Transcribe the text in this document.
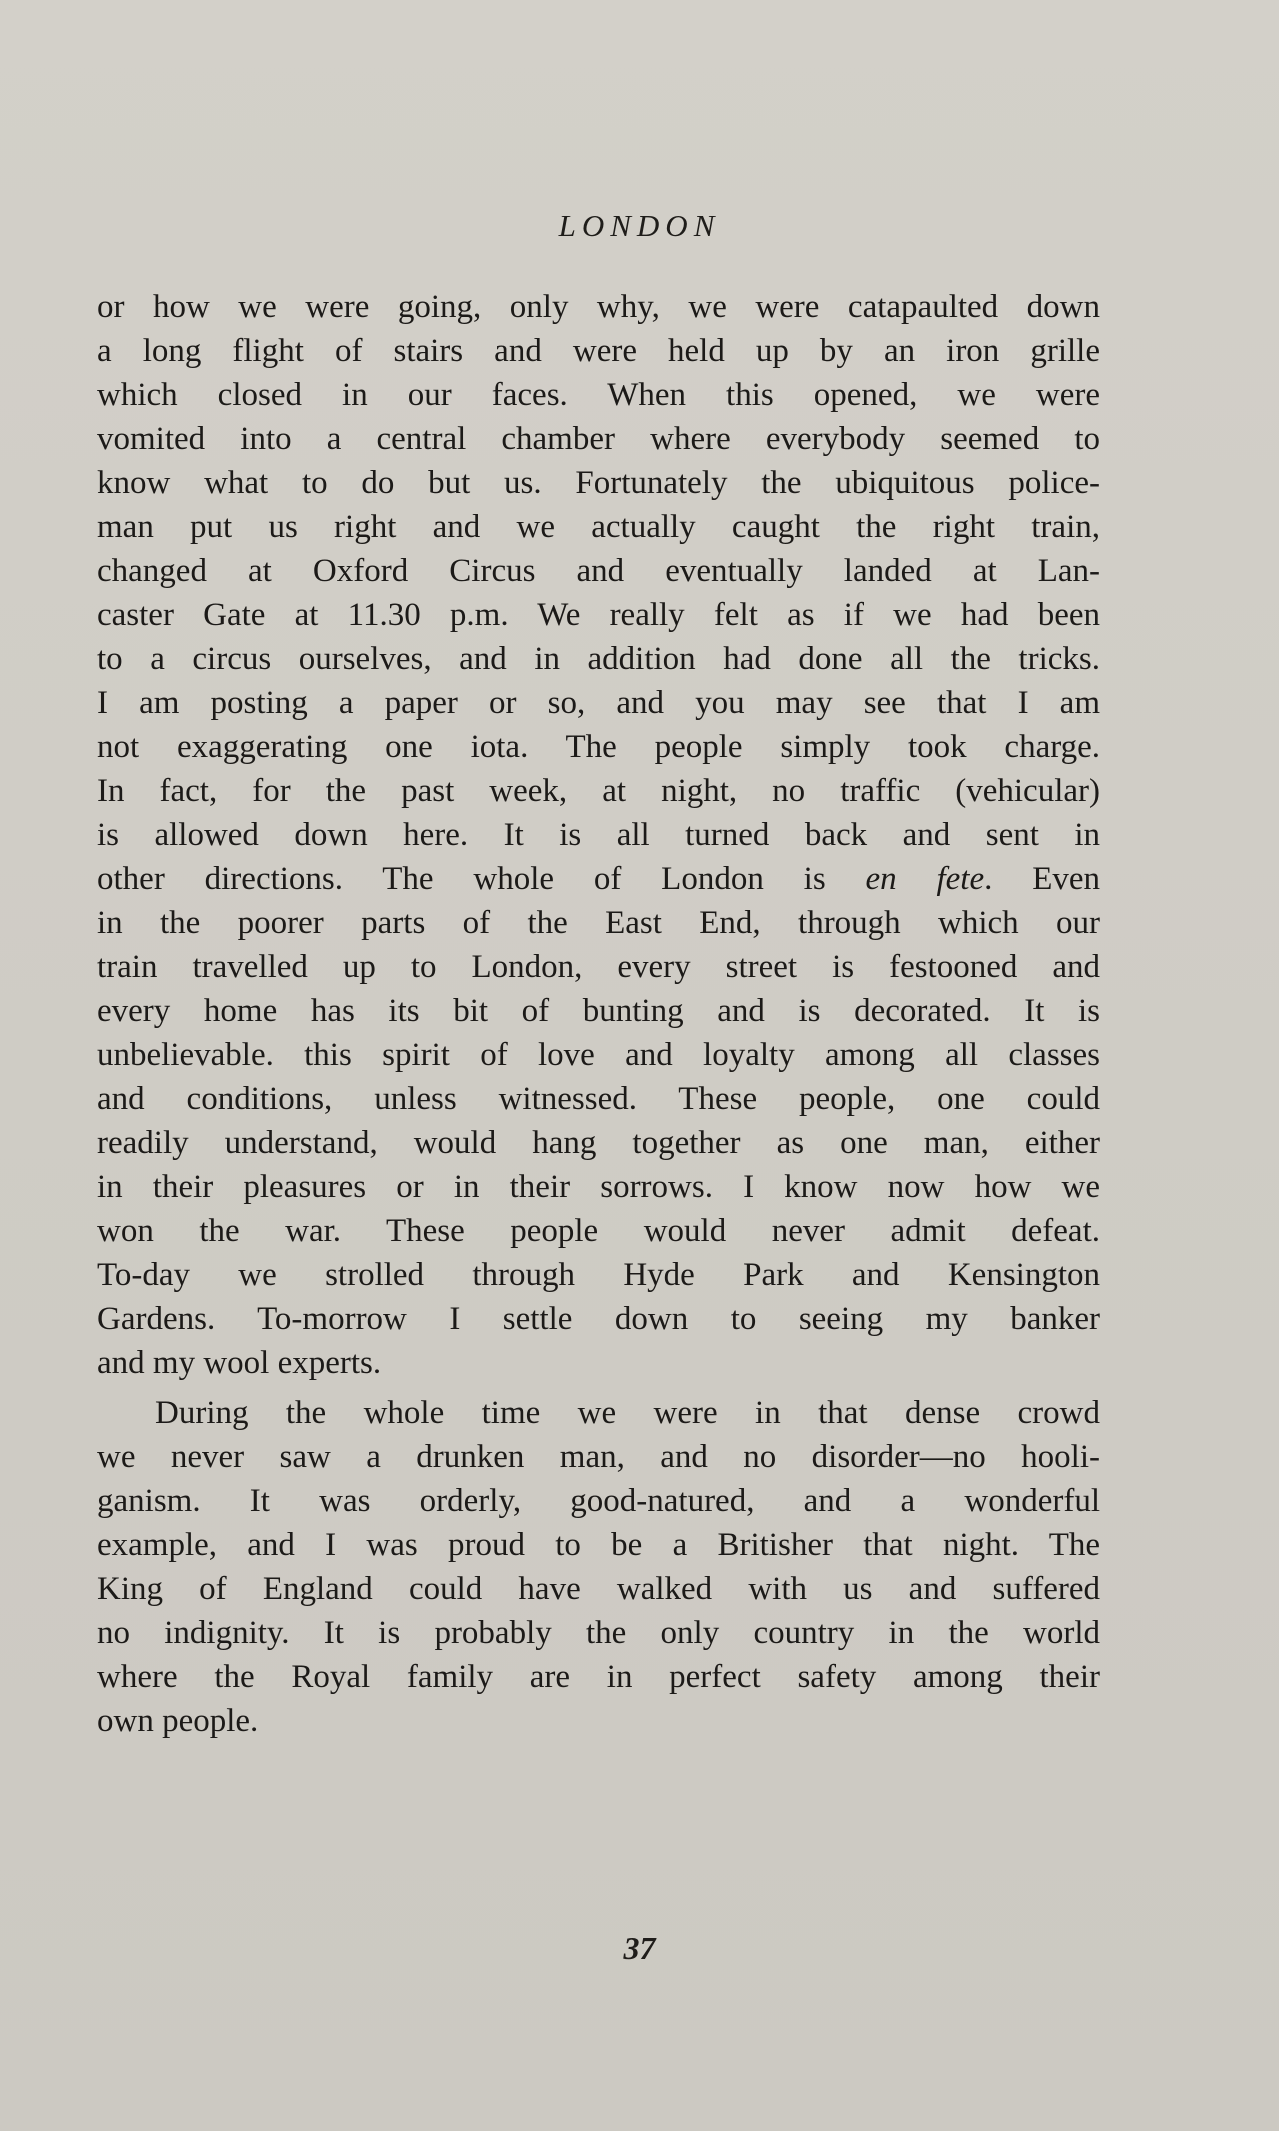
LONDON
or how we were going, only why, we were catapaulted down
a long flight of stairs and were held up by an iron grille
which closed in our faces. When this opened, we were
vomited into a central chamber where everybody seemed to
know what to do but us. Fortunately the ubiquitous police-
man put us right and we actually caught the right train,
changed at Oxford Circus and eventually landed at Lan-
caster Gate at 11.30 p.m. We really felt as if we had been
to a circus ourselves, and in addition had done all the tricks.
I am posting a paper or so, and you may see that I am
not exaggerating one iota. The people simply took charge.
In fact, for the past week, at night, no traffic (vehicular)
is allowed down here. It is all turned back and sent in
other directions. The whole of London is en fete. Even
in the poorer parts of the East End, through which our
train travelled up to London, every street is festooned and
every home has its bit of bunting and is decorated. It is
unbelievable. this spirit of love and loyalty among all classes
and conditions, unless witnessed. These people, one could
readily understand, would hang together as one man, either
in their pleasures or in their sorrows. I know now how we
won the war. These people would never admit defeat.
To-day we strolled through Hyde Park and Kensington
Gardens. To-morrow I settle down to seeing my banker
and my wool experts.
During the whole time we were in that dense crowd
we never saw a drunken man, and no disorder—no hooli-
ganism. It was orderly, good-natured, and a wonderful
example, and I was proud to be a Britisher that night. The
King of England could have walked with us and suffered
no indignity. It is probably the only country in the world
where the Royal family are in perfect safety among their
own people.
37
